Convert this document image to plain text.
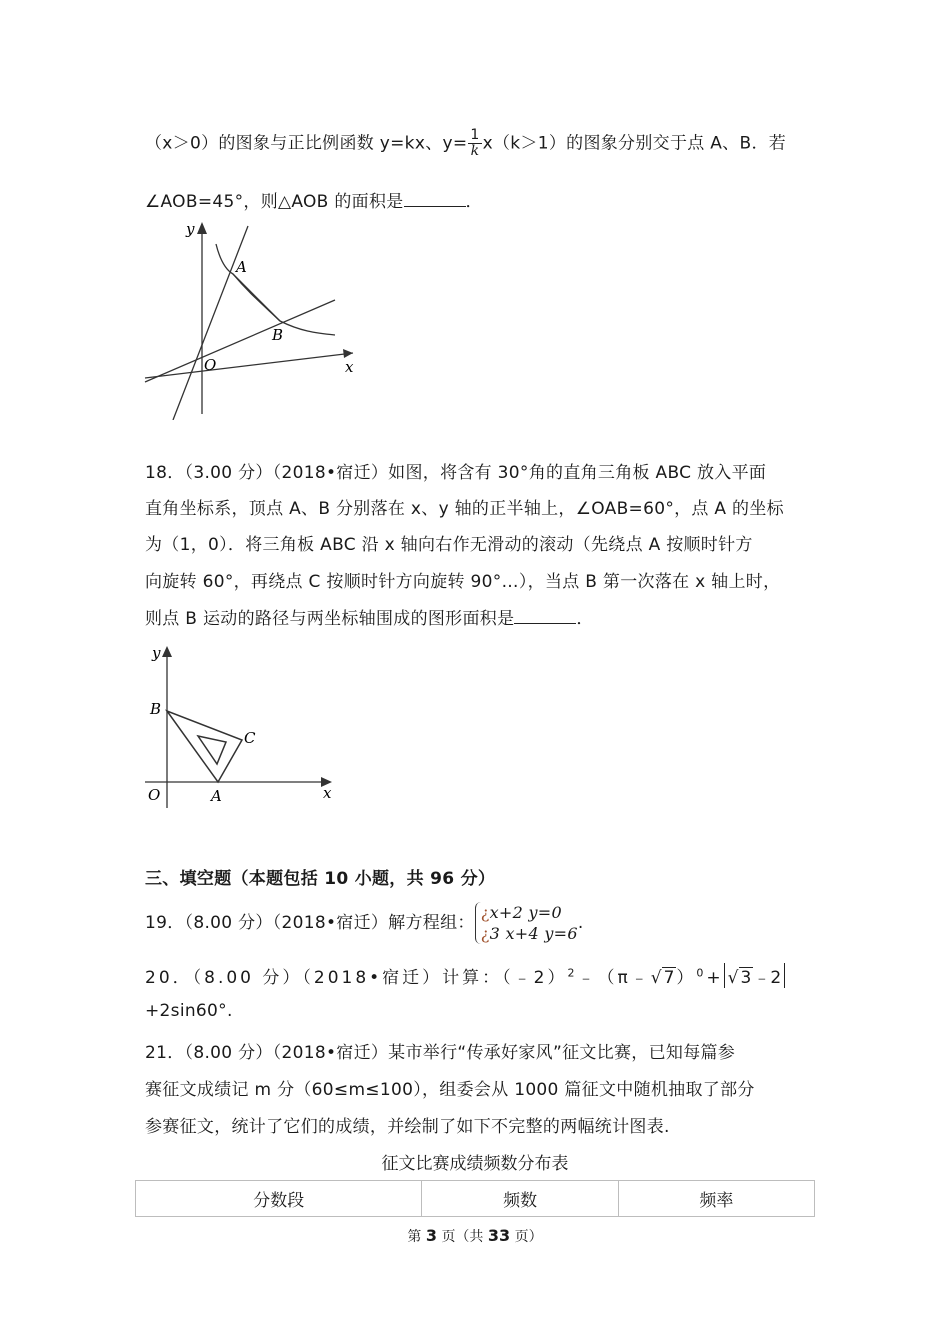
（x＞0）的图象与正比例函数 y=kx、$y= \frac{1}{k} x(k>1)$的图象分别交于点 A、B．若
∠AOB=45°，则△AOB 的面积是	．
y
x
O
A
B
18．（3.00 分）（2018•宿迁）如图，将含有 30°角的直角三角板 ABC 放入平面
直角坐标系，顶点 A、B 分别落在 x、y 轴的正半轴上，∠OAB=60°，点 A 的坐标
为（1，0）．将三角板 ABC 沿 x 轴向右作无滑动的滚动（先绕点 A 按顺时针方
向旋转 60°，再绕点 C 按顺时针方向旋转 90°…），当点 B 第一次落在 x 轴上时，
则点 B 运动的路径与两坐标轴围成的图形面积是	．
y
x
O	A
B
C
三、填空题（本题包括 10 小题，共 96 分）
19．（8.00 分）（2018•宿迁）解方程组：
¿x+2 y=0
¿3 x+4 y=6
.
20．（8.00 分）（2018•宿迁）计算：（﹣2）$^2$﹣（π﹣√ 7 ）$^0$+ √ 3 ﹣2
+2sin60°.
21．（8.00 分）（2018•宿迁）某市举行“传承好家风”征文比赛，已知每篇参
赛征文成绩记 m 分（60≤m≤100），组委会从 1000 篇征文中随机抽取了部分
参赛征文，统计了它们的成绩，并绘制了如下不完整的两幅统计图表.
征文比赛成绩频数分布表
分数段	频数	频率
第 3 页（共 33 页）
